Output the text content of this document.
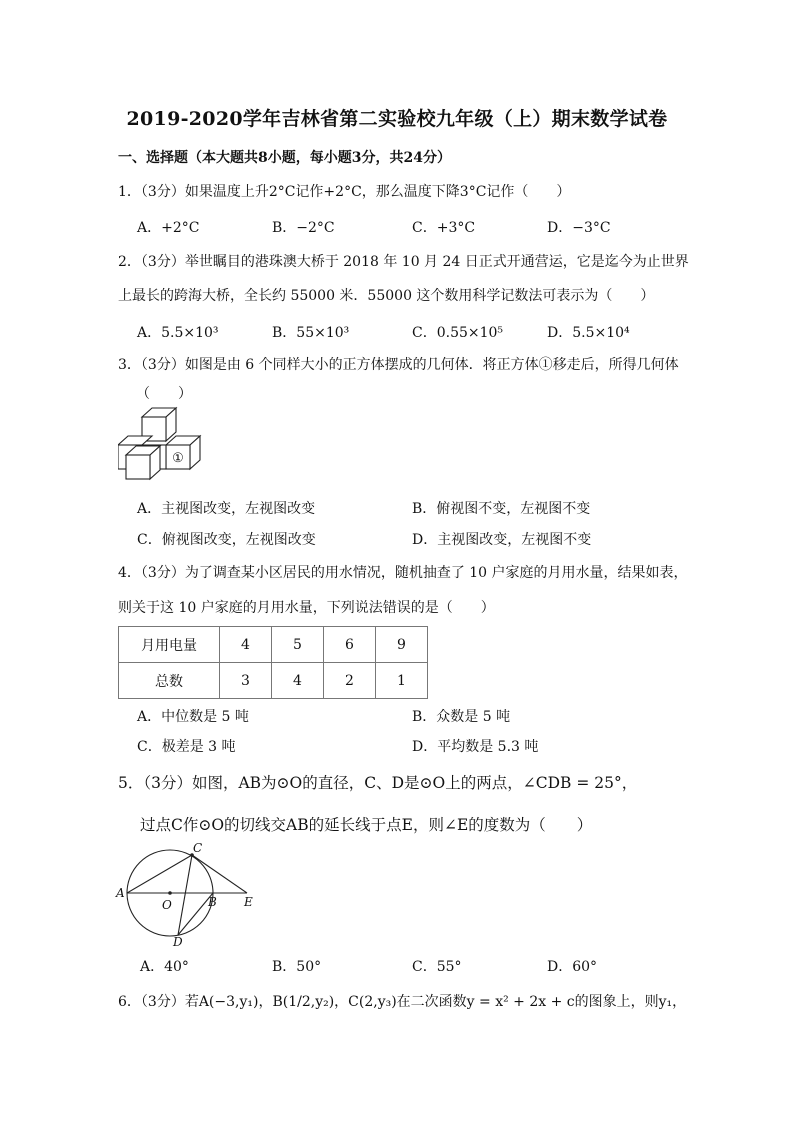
2019-2020学年吉林省第二实验校九年级（上）期末数学试卷
一、选择题（本大题共8小题，每小题3分，共24分）
1．（3分）如果温度上升2°C记作+2°C，那么温度下降3°C记作（　　）
A．+2°C	B．−2°C	C．+3°C	D．−3°C
2．（3分）举世瞩目的港珠澳大桥于 2018 年 10 月 24 日正式开通营运，它是迄今为止世界
上最长的跨海大桥，全长约 55000 米．55000 这个数用科学记数法可表示为（　　）
A．5.5×10³	B．55×10³	C．0.55×10⁵	D．5.5×10⁴
3．（3分）如图是由 6 个同样大小的正方体摆成的几何体．将正方体①移走后，所得几何体
（　　）
①
A．主视图改变，左视图改变	B．俯视图不变，左视图不变
C．俯视图改变，左视图改变	D．主视图改变，左视图不变
4．（3分）为了调查某小区居民的用水情况，随机抽查了 10 户家庭的月用水量，结果如表，
则关于这 10 户家庭的月用水量，下列说法错误的是（　　）
月用电量	4	5	6	9
总数	3	4	2	1
A．中位数是 5 吨	B．众数是 5 吨
C．极差是 3 吨	D．平均数是 5.3 吨
5．（3分）如图，AB为⊙O的直径，C、D是⊙O上的两点，∠CDB = 25°，
过点C作⊙O的切线交AB的延长线于点E，则∠E的度数为（　　）
A
O	B
C
D
E
A．40°	B．50°	C．55°	D．60°
6．（3分）若A(−3,y₁)，B(1/2,y₂)，C(2,y₃)在二次函数y = x² + 2x + c的图象上，则y₁，
